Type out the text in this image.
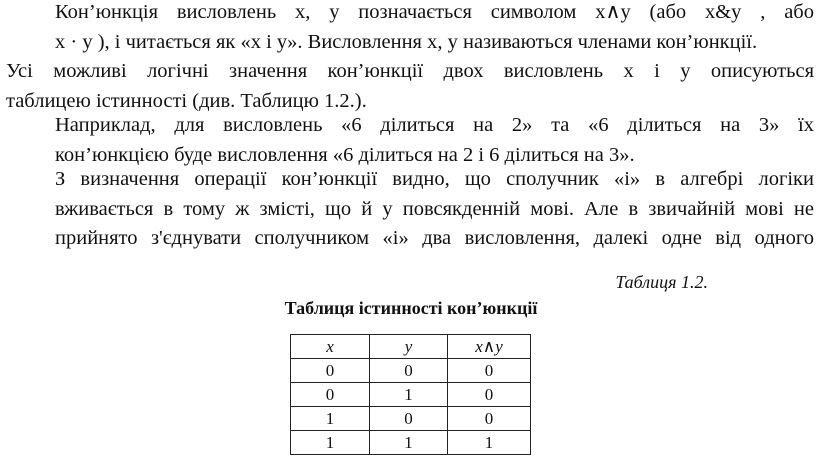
Кон’юнкція висловлень x, y позначається символом x∧y (або x&y , або
x · y ), і читається як «x і y». Висловлення x, y називаються членами кон’юнкції.
Усі можливі логічні значення кон’юнкції двох висловлень x і y описуються
таблицею істинності (див. Таблицю 1.2.).
Наприклад, для висловлень «6 ділиться на 2» та «6 ділиться на 3» їх
кон’юнкцією буде висловлення «6 ділиться на 2 і 6 ділиться на 3».
З визначення операції кон’юнкції видно, що сполучник «і» в алгебрі логіки
вживається в тому ж змісті, що й у повсякденній мові. Але в звичайній мові не
прийнято з'єднувати сполучником «і» два висловлення, далекі одне від одного
Таблиця 1.2.
Таблиця істинності кон’юнкції
x	y	x∧y
0	0	0
0	1	0
1	0	0
1	1	1
